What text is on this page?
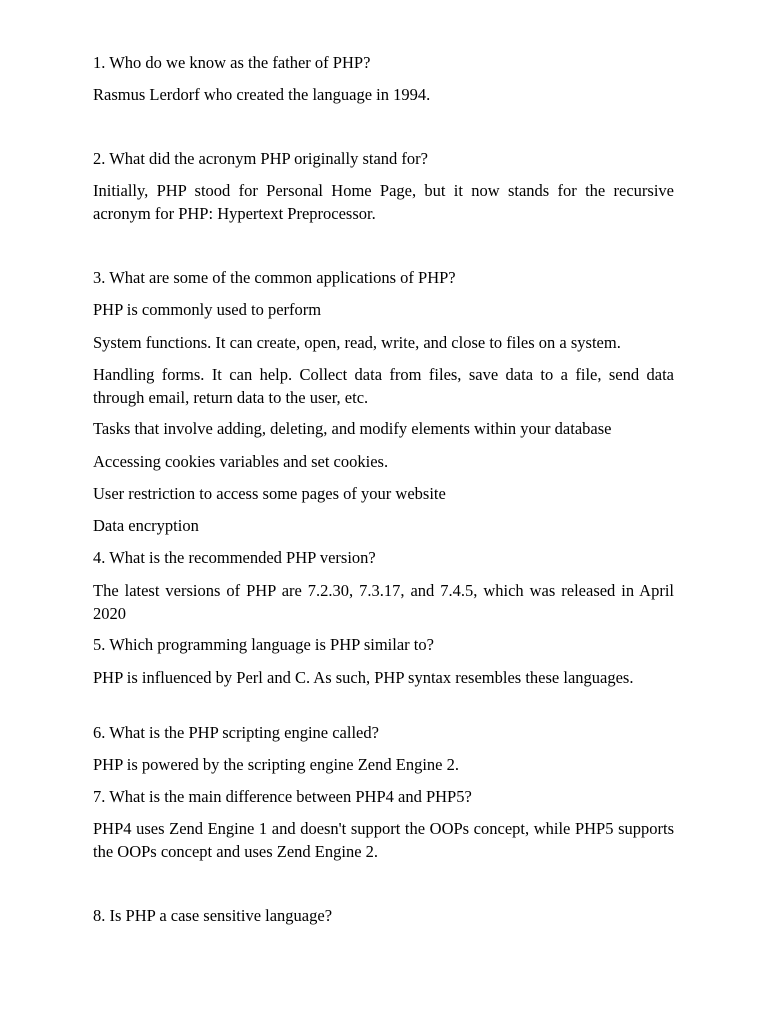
1. Who do we know as the father of PHP?

Rasmus Lerdorf who created the language in 1994.

2. What did the acronym PHP originally stand for?

Initially, PHP stood for Personal Home Page, but it now stands for the recursive acronym for PHP: Hypertext Preprocessor.

3. What are some of the common applications of PHP?

PHP is commonly used to perform

System functions. It can create, open, read, write, and close to files on a system.

Handling forms. It can help. Collect data from files, save data to a file, send data through email, return data to the user, etc.

Tasks that involve adding, deleting, and modify elements within your database

Accessing cookies variables and set cookies.

User restriction to access some pages of your website

Data encryption

4. What is the recommended PHP version?

The latest versions of PHP are 7.2.30, 7.3.17, and 7.4.5, which was released in April 2020

5. Which programming language is PHP similar to?

PHP is influenced by Perl and C. As such, PHP syntax resembles these languages.

6. What is the PHP scripting engine called?

PHP is powered by the scripting engine Zend Engine 2.

7. What is the main difference between PHP4 and PHP5?

PHP4 uses Zend Engine 1 and doesn't support the OOPs concept, while PHP5 supports the OOPs concept and uses Zend Engine 2.

8. Is PHP a case sensitive language?
